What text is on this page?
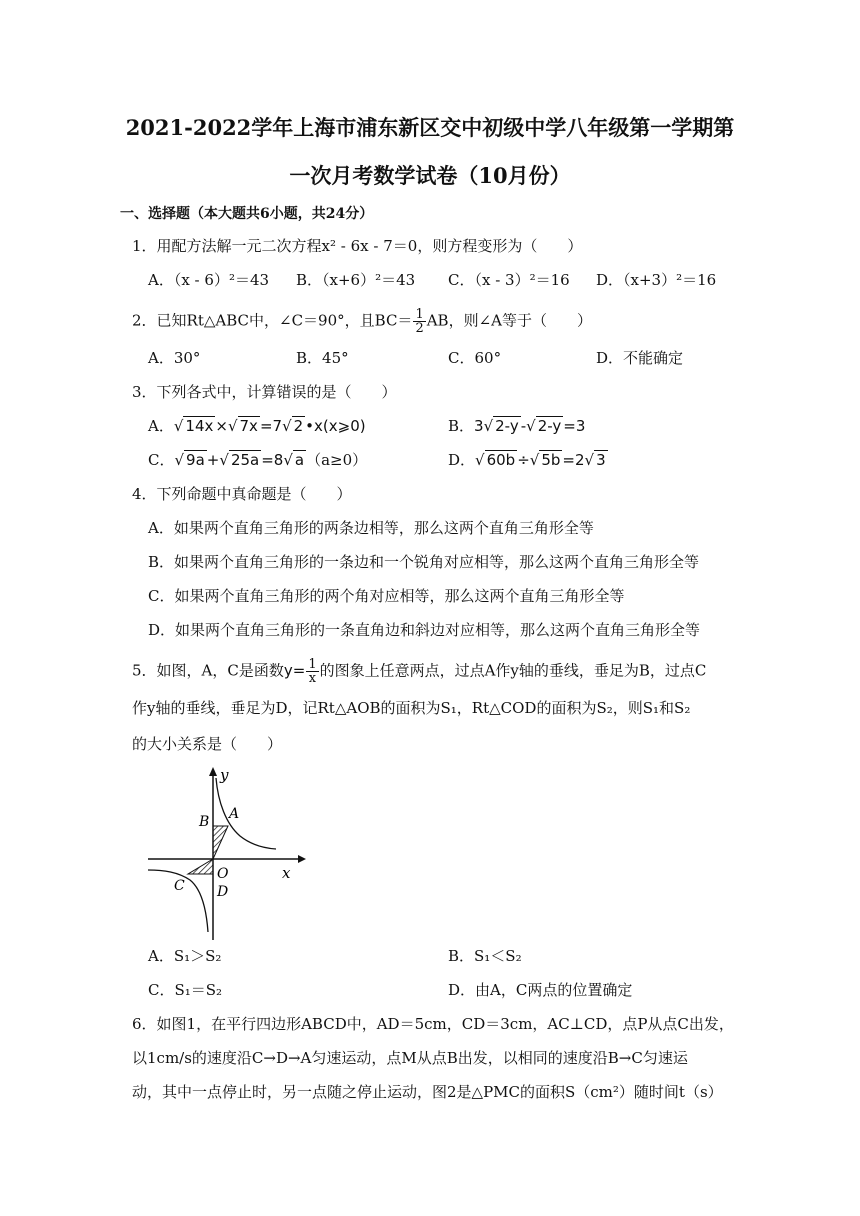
2021-2022学年上海市浦东新区交中初级中学八年级第一学期第
一次月考数学试卷（10月份）
一、选择题（本大题共6小题，共24分）
1．用配方法解一元二次方程x² ‑ 6x ‑ 7＝0，则方程变形为（　　）
A．（x ‑ 6）²＝43 B．（x+6）²＝43 C．（x ‑ 3）²＝16 D．（x+3）²＝16
2．已知Rt△ABC中，∠C＝90°，且$BC= \frac{1}{2}$ AB，则∠A等于（　　）
A．30°	B．45°	C．60°	D．不能确定
3．下列各式中，计算错误的是（　　）
A．√ 14x ×√ 7x =7√ 2 •x(x⩾0)	B．3√ 2-y -√ 2-y =3
C．√ 9a +√ 25a =8√ a （a≥0）	D．√ 60b ÷√ 5b =2√ 3
4．下列命题中真命题是（　　）
A．如果两个直角三角形的两条边相等，那么这两个直角三角形全等
B．如果两个直角三角形的一条边和一个锐角对应相等，那么这两个直角三角形全等
C．如果两个直角三角形的两个角对应相等，那么这两个直角三角形全等
D．如果两个直角三角形的一条直角边和斜边对应相等，那么这两个直角三角形全等
5．如图，A，C是函数$y= \frac{1}{x}$ 的图象上任意两点，过点A作y轴的垂线，垂足为B，过点C
作y轴的垂线，垂足为D，记Rt△AOB的面积为S₁，Rt△COD的面积为S₂，则S₁和S₂
的大小关系是（　　）
y
x
A
B
O
C D
A．S₁＞S₂	B．S₁＜S₂
C．S₁＝S₂	D．由A，C两点的位置确定
6．如图1，在平行四边形ABCD中，AD＝5cm，CD＝3cm，AC⊥CD，点P从点C出发，
以1cm/s的速度沿C→D→A匀速运动，点M从点B出发，以相同的速度沿B→C匀速运
动，其中一点停止时，另一点随之停止运动，图2是△PMC的面积S（cm²）随时间t（s）
